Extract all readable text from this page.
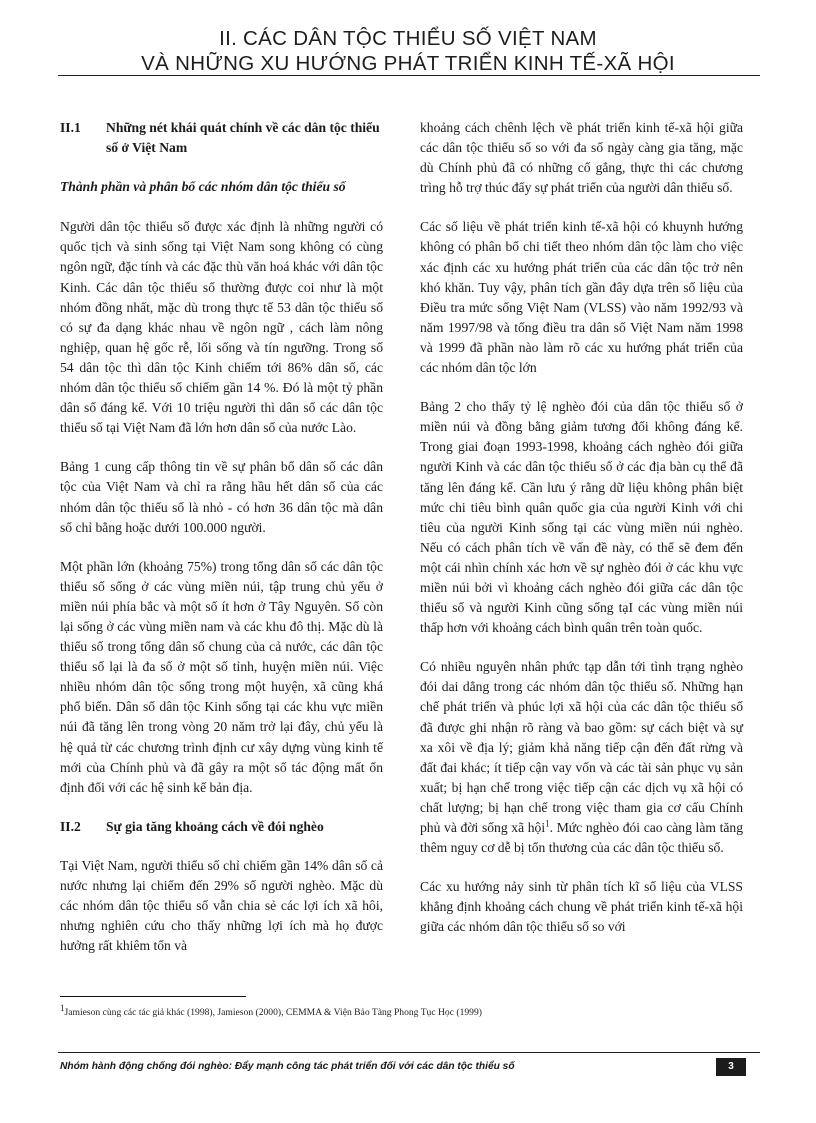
II. CÁC DÂN TỘC THIỂU SỐ VIỆT NAM
VÀ NHỮNG XU HƯỚNG PHÁT TRIỂN KINH TẾ-XÃ HỘI
II.1	Những nét khái quát chính về các dân tộc thiểu số ở Việt Nam
Thành phần và phân bổ các nhóm dân tộc thiểu số

Người dân tộc thiểu số được xác định là những người có quốc tịch và sinh sống tại Việt Nam song không có cùng ngôn ngữ, đặc tính và các đặc thù văn hoá khác với dân tộc Kinh. Các dân tộc thiểu số thường được coi như là một nhóm đồng nhất, mặc dù trong thực tế 53 dân tộc thiểu số có sự đa dạng khác nhau về ngôn ngữ , cách làm nông nghiệp, quan hệ gốc rễ, lối sống và tín ngưỡng. Trong số 54 dân tộc thì dân tộc Kinh chiếm tới 86% dân số, các nhóm dân tộc thiểu số chiếm gần 14 %. Đó là một tỷ phần dân số đáng kể. Với 10 triệu người thì dân số các dân tộc thiểu số tại Việt Nam đã lớn hơn dân số của nước Lào.

Bảng 1 cung cấp thông tin về sự phân bổ dân số các dân tộc của Việt Nam và chỉ ra rằng hầu hết dân số của các nhóm dân tộc thiểu số là nhỏ - có hơn 36 dân tộc mà dân số chỉ bằng hoặc dưới 100.000 người.

Một phần lớn (khoảng 75%) trong tổng dân số các dân tộc thiểu số sống ở các vùng miền núi, tập trung chủ yếu ở miền núi phía bắc và một số ít hơn ở Tây Nguyên. Số còn lại sống ở các vùng miền nam và các khu đô thị. Mặc dù là thiểu số trong tổng dân số chung của cả nước, các dân tộc thiểu số lại là đa số ở một số tỉnh, huyện miền núi. Việc nhiều nhóm dân tộc sống trong một huyện, xã cũng khá phổ biến. Dân số dân tộc Kinh sống tại các khu vực miền núi đã tăng lên trong vòng 20 năm trở lại đây, chủ yếu là hệ quả từ các chương trình định cư xây dựng vùng kinh tế mới của Chính phủ và đã gây ra một số tác động mất ổn định đối với các hệ sinh kế bản địa.

II.2	Sự gia tăng khoảng cách về đói nghèo

Tại Việt Nam, người thiểu số chỉ chiếm gần 14% dân số cả nước nhưng lại chiếm đến 29% số người nghèo. Mặc dù các nhóm dân tộc thiểu số vẫn chia sẻ các lợi ích xã hôi, nhưng nghiên cứu cho thấy những lợi ích mà họ được hưởng rất khiêm tốn và

khoảng cách chênh lệch về phát triển kinh tế-xã hội giữa các dân tộc thiểu số so với đa số ngày càng gia tăng, mặc dù Chính phủ đã có những cố gắng, thực thi các chương trìng hỗ trợ thúc đẩy sự phát triển của người dân thiểu số.

Các số liệu về phát triển kinh tế-xã hội có khuynh hướng không có phân bổ chi tiết theo nhóm dân tộc làm cho việc xác định các xu hướng phát triển của các dân tộc trở nên khó khăn. Tuy vậy, phân tích gần đây dựa trên số liệu của Điều tra mức sống Việt Nam (VLSS) vào năm 1992/93 và năm 1997/98 và tổng điều tra dân số Việt Nam năm 1998 và 1999 đã phần nào làm rõ các xu hướng phát triển của các nhóm dân tộc lớn

Bảng 2 cho thấy tỷ lệ nghèo đói của dân tộc thiểu số ở miền núi và đồng bằng giảm tương đối không đáng kể. Trong giai đoạn 1993-1998, khoảng cách nghèo đói giữa người Kinh và các dân tộc thiểu số ở các địa bàn cụ thể đã tăng lên đáng kể. Cần lưu ý rằng dữ liệu không phân biệt mức chi tiêu bình quân quốc gia của người Kinh với chi tiêu của người Kinh sống tại các vùng miền núi nghèo. Nếu có cách phân tích về vấn đề này, có thể sẽ đem đến một cái nhìn chính xác hơn về sự nghèo đói ở các khu vực miền núi bởi vì khoảng cách nghèo đói giữa các dân tộc thiểu số và người Kinh cũng sống tạI các vùng miền núi thấp hơn với khoảng cách bình quân trên toàn quốc.

Có nhiều nguyên nhân phức tạp dẫn tới tình trạng nghèo đói dai dẳng trong các nhóm dân tộc thiểu số. Những hạn chế phát triển và phúc lợi xã hội của các dân tộc thiểu số đã được ghi nhận rõ ràng và bao gồm: sự cách biệt và sự xa xôi về địa lý; giảm khả năng tiếp cận đến đất rừng và đất đai khác; ít tiếp cận vay vốn và các tài sản phục vụ sản xuất; bị hạn chế trong việc tiếp cận các dịch vụ xã hội có chất lượng; bị hạn chế trong việc tham gia cơ cấu Chính phủ và đời sống xã hội$^1$. Mức nghèo đói cao càng làm tăng thêm nguy cơ dễ bị tổn thương của các dân tộc thiểu số.

Các xu hướng nảy sinh từ phân tích kĩ số liệu của VLSS khẳng định khoảng cách chung về phát triển kinh tế-xã hội giữa các nhóm dân tộc thiểu số so với

$^1$Jamieson cùng các tác giả khác (1998), Jamieson (2000), CEMMA & Viện Bảo Tàng Phong Tục Học (1999)
Nhóm hành động chống đói nghèo: Đẩy mạnh công tác phát triển đối với các dân tộc thiểu số	3
